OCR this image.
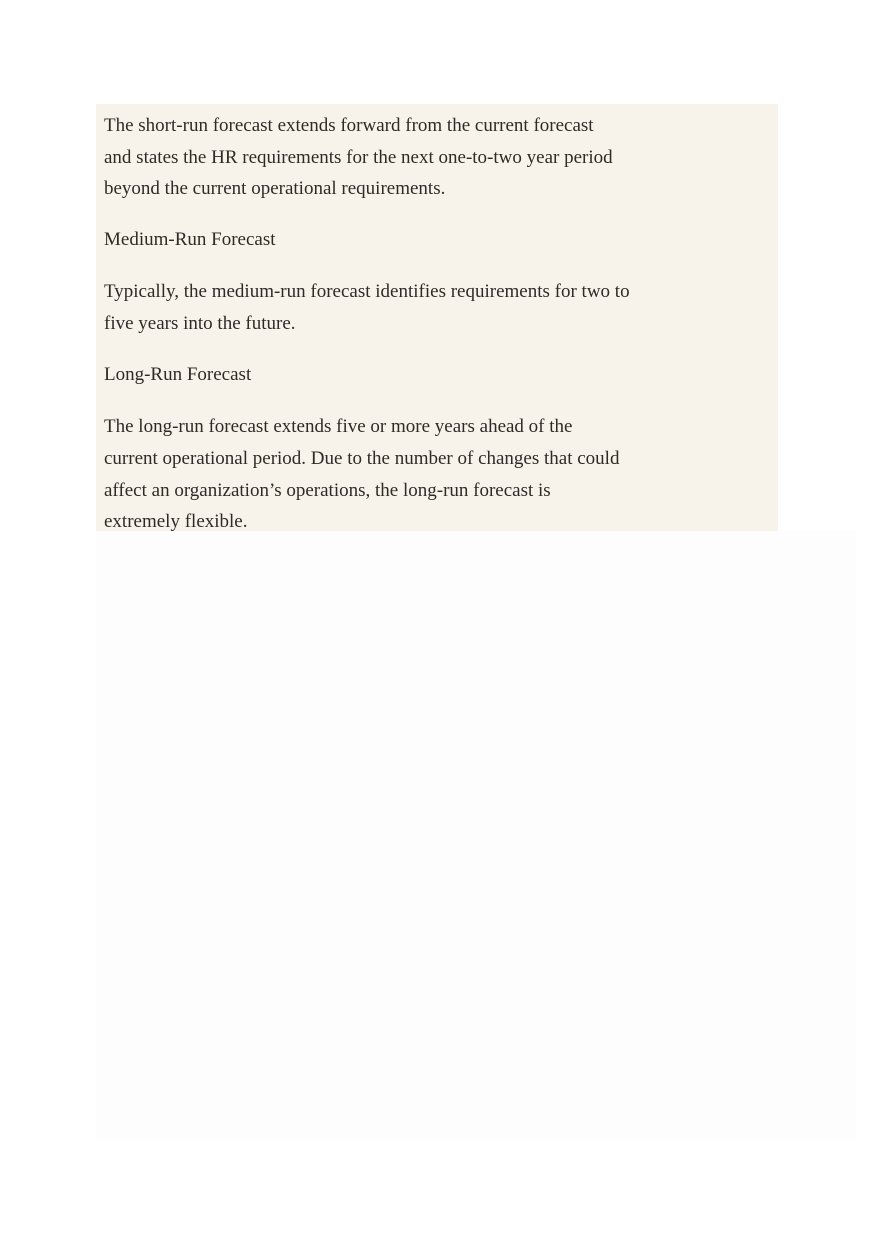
The short-run forecast extends forward from the current forecast
and states the HR requirements for the next one-to-two year period
beyond the current operational requirements.
Medium-Run Forecast
Typically, the medium-run forecast identifies requirements for two to
five years into the future.
Long-Run Forecast
The long-run forecast extends five or more years ahead of the
current operational period. Due to the number of changes that could
affect an organization’s operations, the long-run forecast is
extremely flexible.
